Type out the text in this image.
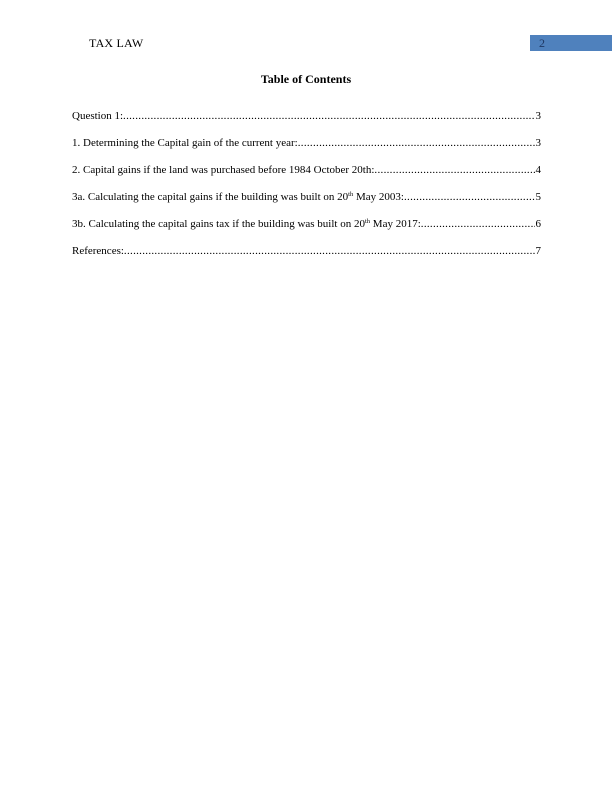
TAX LAW	2
Table of Contents
Question 1: .....	3
1. Determining the Capital gain of the current year: .....	3
2. Capital gains if the land was purchased before 1984 October 20th: .....	4
3a. Calculating the capital gains if the building was built on 20th May 2003: .....	5
3b. Calculating the capital gains tax if the building was built on 20th May 2017: .....	6
References: .....	7
